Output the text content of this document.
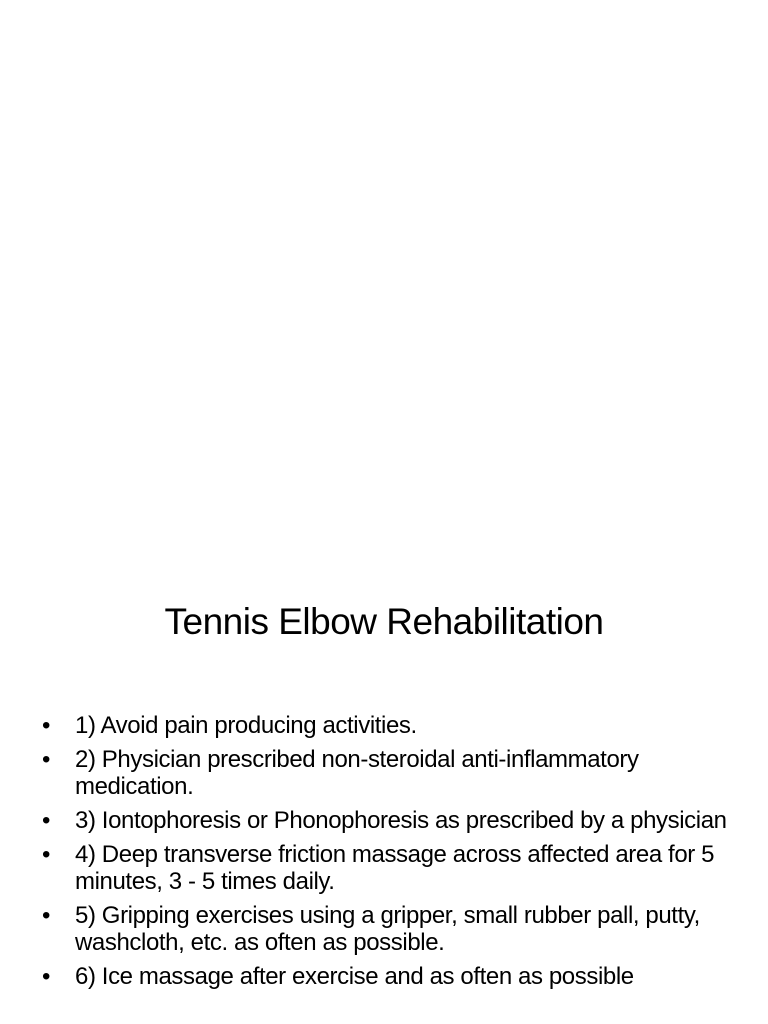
Tennis Elbow Rehabilitation
• 1) Avoid pain producing activities.
• 2) Physician prescribed non-steroidal anti-inflammatory medication.
• 3) Iontophoresis or Phonophoresis as prescribed by a physician
• 4) Deep transverse friction massage across affected area for 5 minutes, 3 - 5 times daily.
• 5) Gripping exercises using a gripper, small rubber pall, putty, washcloth, etc. as often as possible.
• 6) Ice massage after exercise and as often as possible
